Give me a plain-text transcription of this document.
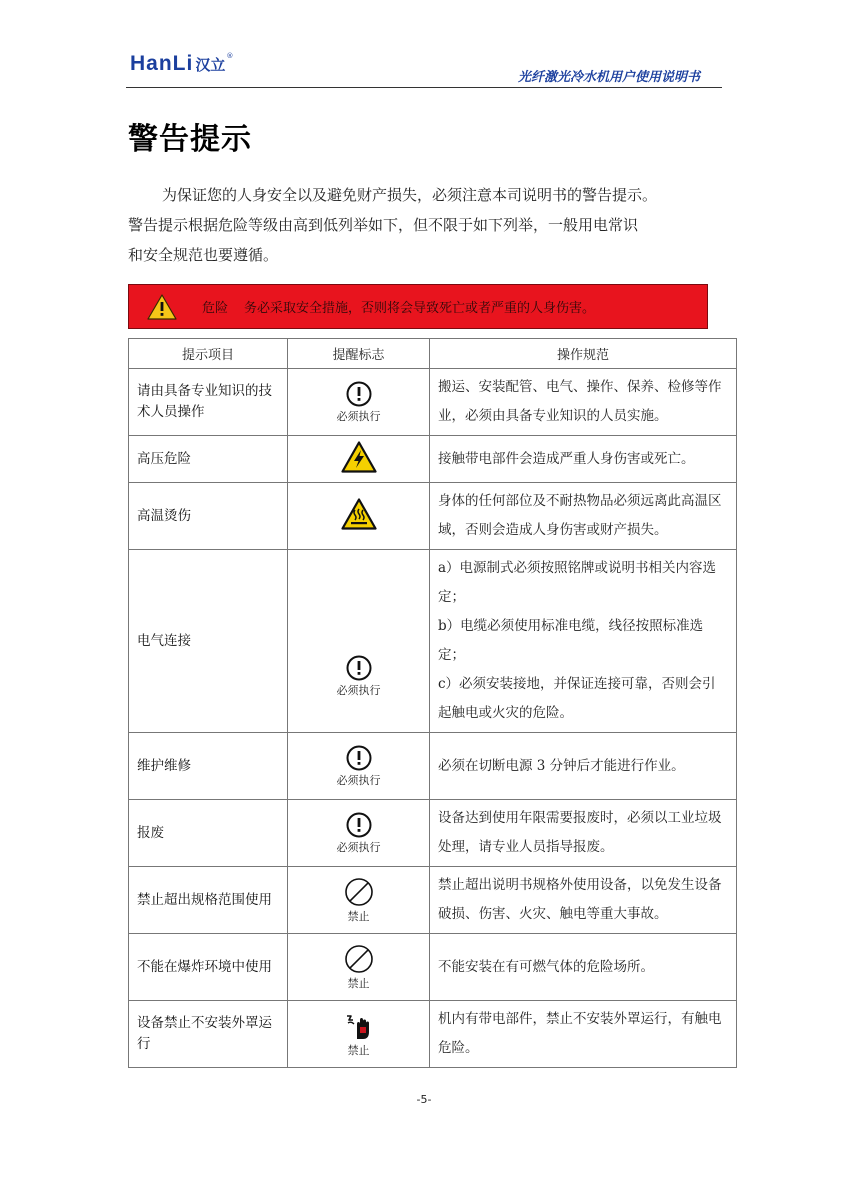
HanLi 汉立 ®
光纤激光冷水机用户使用说明书
警告提示

为保证您的人身安全以及避免财产损失，必须注意本司说明书的警告提示。

警告提示根据危险等级由高到低列举如下，但不限于如下列举，一般用电常识

和安全规范也要遵循。

危险 务必采取安全措施，否则将会导致死亡或者严重的人身伤害。
提示项目	提醒标志	操作规范
请由具备专业知识的技术人员操作	必须执行	搬运、安装配管、电气、操作、保养、检修等作业，必须由具备专业知识的人员实施。
高压危险		接触带电部件会造成严重人身伤害或死亡。
高温烫伤		身体的任何部位及不耐热物品必须远离此高温区域，否则会造成人身伤害或财产损失。
电气连接	必须执行	a）电源制式必须按照铭牌或说明书相关内容选定；
b）电缆必须使用标准电缆，线径按照标准选定；
c）必须安装接地，并保证连接可靠，否则会引起触电或火灾的危险。

维护维修	必须执行	必须在切断电源 3 分钟后才能进行作业。
报废	必须执行	设备达到使用年限需要报废时，必须以工业垃圾处理，请专业人员指导报废。
禁止超出规格范围使用	禁止	禁止超出说明书规格外使用设备，以免发生设备破损、伤害、火灾、触电等重大事故。
不能在爆炸环境中使用	禁止	不能安装在有可燃气体的危险场所。
设备禁止不安装外罩运行	禁止	机内有带电部件，禁止不安装外罩运行，有触电危险。
-5-
